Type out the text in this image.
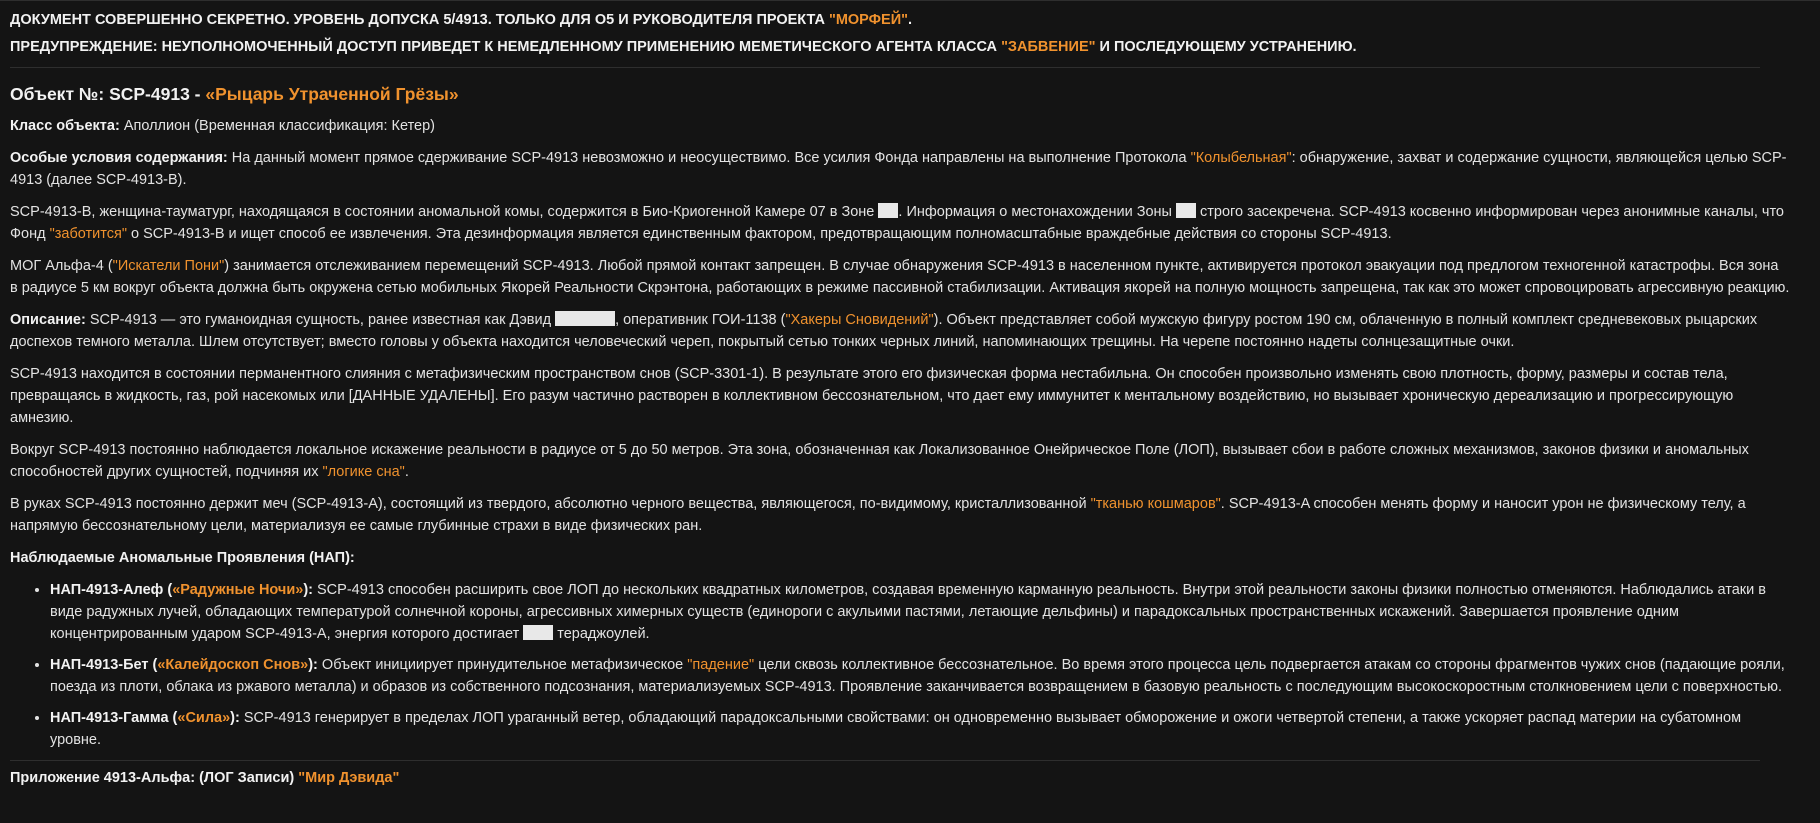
ДОКУМЕНТ СОВЕРШЕННО СЕКРЕТНО. УРОВЕНЬ ДОПУСКА 5/4913. ТОЛЬКО ДЛЯ О5 И РУКОВОДИТЕЛЯ ПРОЕКТА "МОРФЕЙ".
ПРЕДУПРЕЖДЕНИЕ: НЕУПОЛНОМОЧЕННЫЙ ДОСТУП ПРИВЕДЕТ К НЕМЕДЛЕННОМУ ПРИМЕНЕНИЮ МЕМЕТИЧЕСКОГО АГЕНТА КЛАССА "ЗАБВЕНИЕ" И ПОСЛЕДУЮЩЕМУ УСТРАНЕНИЮ.
Объект №: SCP-4913 - «Рыцарь Утраченной Грёзы»

Класс объекта: Аполлион (Временная классификация: Кетер)

Особые условия содержания: На данный момент прямое сдерживание SCP-4913 невозможно и неосуществимо. Все усилия Фонда направлены на выполнение Протокола "Колыбельная": обнаружение, захват и содержание сущности, являющейся целью SCP-4913 (далее SCP-4913-B).

SCP-4913-B, женщина-тауматург, находящаяся в состоянии аномальной комы, содержится в Био-Криогенной Камере 07 в Зоне . Информация о местонахождении Зоны  строго засекречена. SCP-4913 косвенно информирован через анонимные каналы, что Фонд "заботится" о SCP-4913-B и ищет способ ее извлечения. Эта дезинформация является единственным фактором, предотвращающим полномасштабные враждебные действия со стороны SCP-4913.

МОГ Альфа-4 ("Искатели Пони") занимается отслеживанием перемещений SCP-4913. Любой прямой контакт запрещен. В случае обнаружения SCP-4913 в населенном пункте, активируется протокол эвакуации под предлогом техногенной катастрофы. Вся зона в радиусе 5 км вокруг объекта должна быть окружена сетью мобильных Якорей Реальности Скрэнтона, работающих в режиме пассивной стабилизации. Активация якорей на полную мощность запрещена, так как это может спровоцировать агрессивную реакцию.

Описание: SCP-4913 — это гуманоидная сущность, ранее известная как Дэвид	, оперативник ГОИ-1138 ("Хакеры Сновидений"). Объект представляет собой мужскую фигуру ростом 190 см, облаченную в полный комплект средневековых рыцарских доспехов темного металла. Шлем отсутствует; вместо головы у объекта находится человеческий череп, покрытый сетью тонких черных линий, напоминающих трещины. На черепе постоянно надеты солнцезащитные очки.

SCP-4913 находится в состоянии перманентного слияния с метафизическим пространством снов (SCP-3301-1). В результате этого его физическая форма нестабильна. Он способен произвольно изменять свою плотность, форму, размеры и состав тела, превращаясь в жидкость, газ, рой насекомых или [ДАННЫЕ УДАЛЕНЫ]. Его разум частично растворен в коллективном бессознательном, что дает ему иммунитет к ментальному воздействию, но вызывает хроническую дереализацию и прогрессирующую амнезию.

Вокруг SCP-4913 постоянно наблюдается локальное искажение реальности в радиусе от 5 до 50 метров. Эта зона, обозначенная как Локализованное Онейрическое Поле (ЛОП), вызывает сбои в работе сложных механизмов, законов физики и аномальных способностей других сущностей, подчиняя их "логике сна".

В руках SCP-4913 постоянно держит меч (SCP-4913-A), состоящий из твердого, абсолютно черного вещества, являющегося, по-видимому, кристаллизованной "тканью кошмаров". SCP-4913-A способен менять форму и наносит урон не физическому телу, а напрямую бессознательному цели, материализуя ее самые глубинные страхи в виде физических ран.

Наблюдаемые Аномальные Проявления (НАП):

• НАП-4913-Алеф («Радужные Ночи»): SCP-4913 способен расширить свое ЛОП до нескольких квадратных километров, создавая временную карманную реальность. Внутри этой реальности законы физики полностью отменяются. Наблюдались атаки в виде радужных лучей, обладающих температурой солнечной короны, агрессивных химерных существ (единороги с акульими пастями, летающие дельфины) и парадоксальных пространственных искажений. Завершается проявление одним концентрированным ударом SCP-4913-A, энергия которого достигает  тераджоулей.
• НАП-4913-Бет («Калейдоскоп Снов»): Объект инициирует принудительное метафизическое "падение" цели сквозь коллективное бессознательное. Во время этого процесса цель подвергается атакам со стороны фрагментов чужих снов (падающие рояли, поезда из плоти, облака из ржавого металла) и образов из собственного подсознания, материализуемых SCP-4913. Проявление заканчивается возвращением в базовую реальность с последующим высокоскоростным столкновением цели с поверхностью.
• НАП-4913-Гамма («Сила»): SCP-4913 генерирует в пределах ЛОП ураганный ветер, обладающий парадоксальными свойствами: он одновременно вызывает обморожение и ожоги четвертой степени, а также ускоряет распад материи на субатомном уровне.
Приложение 4913-Альфа: (ЛОГ Записи) "Мир Дэвида"
